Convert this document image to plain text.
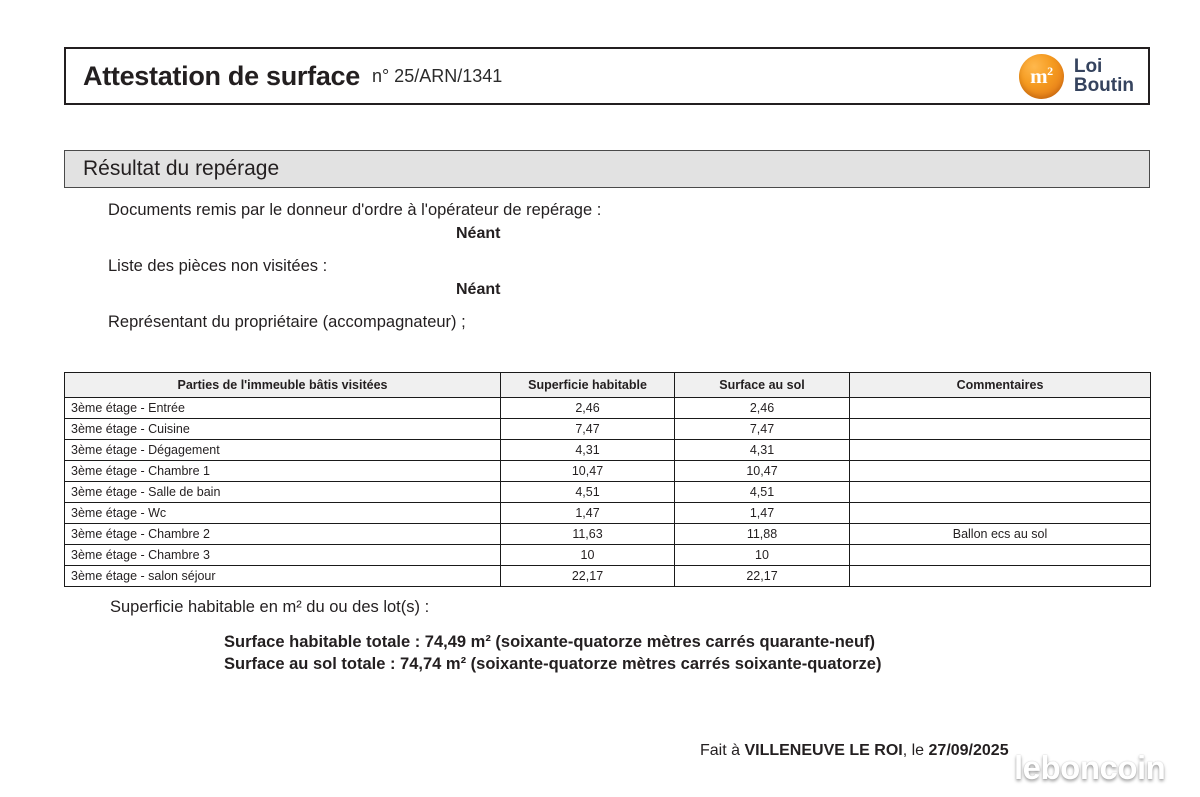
Attestation de surface n° 25/ARN/1341	$m^2$ Loi
Boutin
Résultat du repérage
Documents remis par le donneur d'ordre à l'opérateur de repérage :
Néant
Liste des pièces non visitées :
Néant
Représentant du propriétaire (accompagnateur) ;
Parties de l'immeuble bâtis visitées	Superficie habitable	Surface au sol	Commentaires
3ème étage - Entrée	2,46	2,46	
3ème étage - Cuisine	7,47	7,47	
3ème étage - Dégagement	4,31	4,31	
3ème étage - Chambre 1	10,47	10,47	
3ème étage - Salle de bain	4,51	4,51	
3ème étage - Wc	1,47	1,47	
3ème étage - Chambre 2	11,63	11,88	Ballon ecs au sol
3ème étage - Chambre 3	10	10	
3ème étage - salon séjour	22,17	22,17	
Superficie habitable en m² du ou des lot(s) :
Surface habitable totale : 74,49 m² (soixante-quatorze mètres carrés quarante-neuf)
Surface au sol totale : 74,74 m² (soixante-quatorze mètres carrés soixante-quatorze)
Fait à VILLENEUVE LE ROI, le 27/09/2025 leboncoin
